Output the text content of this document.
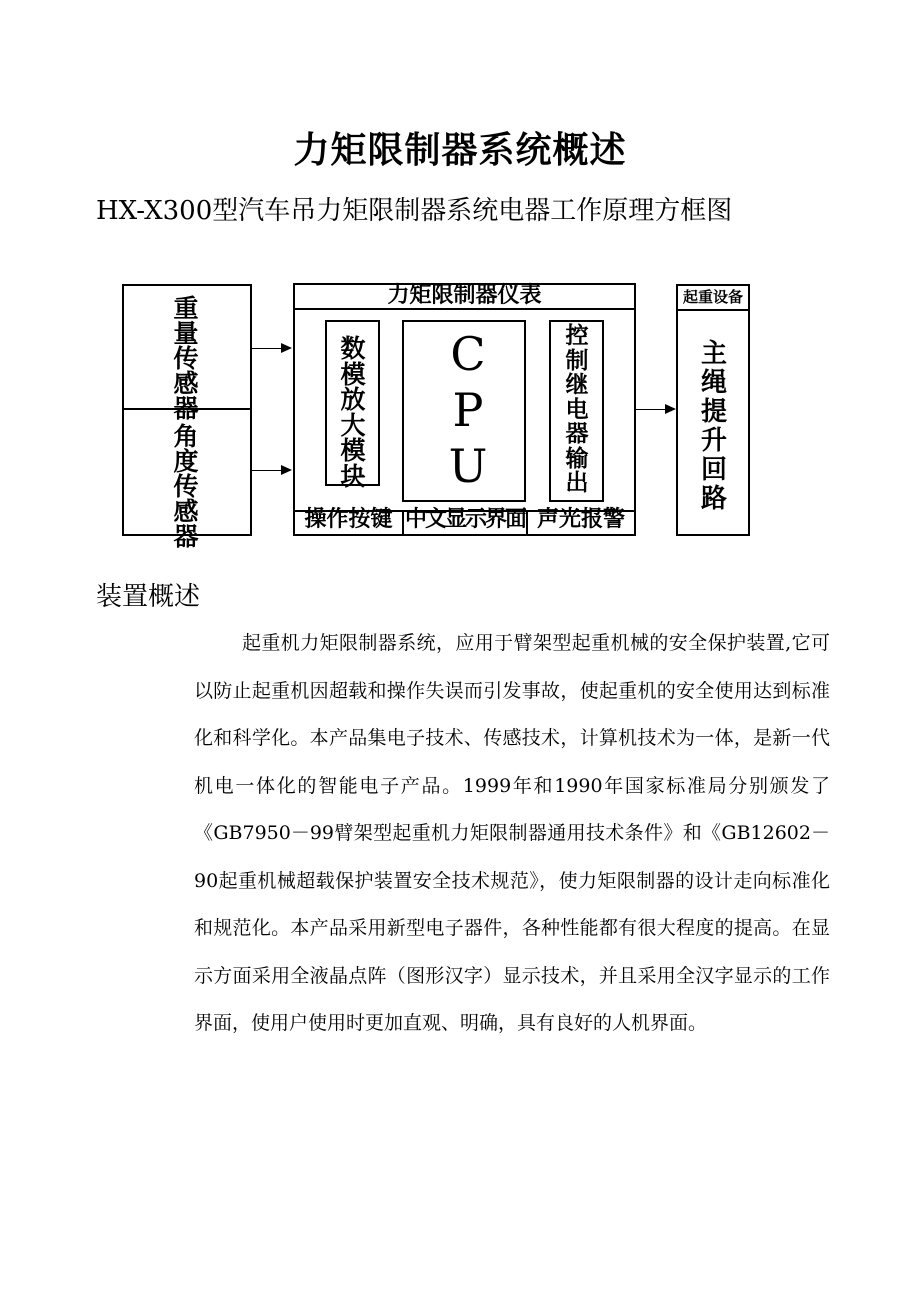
力矩限制器系统概述
HX-X300型汽车吊力矩限制器系统电器工作原理方框图
重量传感器
角度传感器
力矩限制器仪表
数模放大模块
CPU
控制继电器输出
操作按键 中文显示界面 声光报警
起重设备
主绳提升回路
装置概述
起重机力矩限制器系统，应用于臂架型起重机械的安全保护装置,它可以防止起重机因超载和操作失误而引发事故，使起重机的安全使用达到标准化和科学化。本产品集电子技术、传感技术，计算机技术为一体，是新一代机电一体化的智能电子产品。1999年和1990年国家标准局分别颁发了《GB7950－99臂架型起重机力矩限制器通用技术条件》和《GB12602－90起重机械超载保护装置安全技术规范》，使力矩限制器的设计走向标准化和规范化。本产品采用新型电子器件，各种性能都有很大程度的提高。在显示方面采用全液晶点阵（图形汉字）显示技术，并且采用全汉字显示的工作界面，使用户使用时更加直观、明确，具有良好的人机界面。
